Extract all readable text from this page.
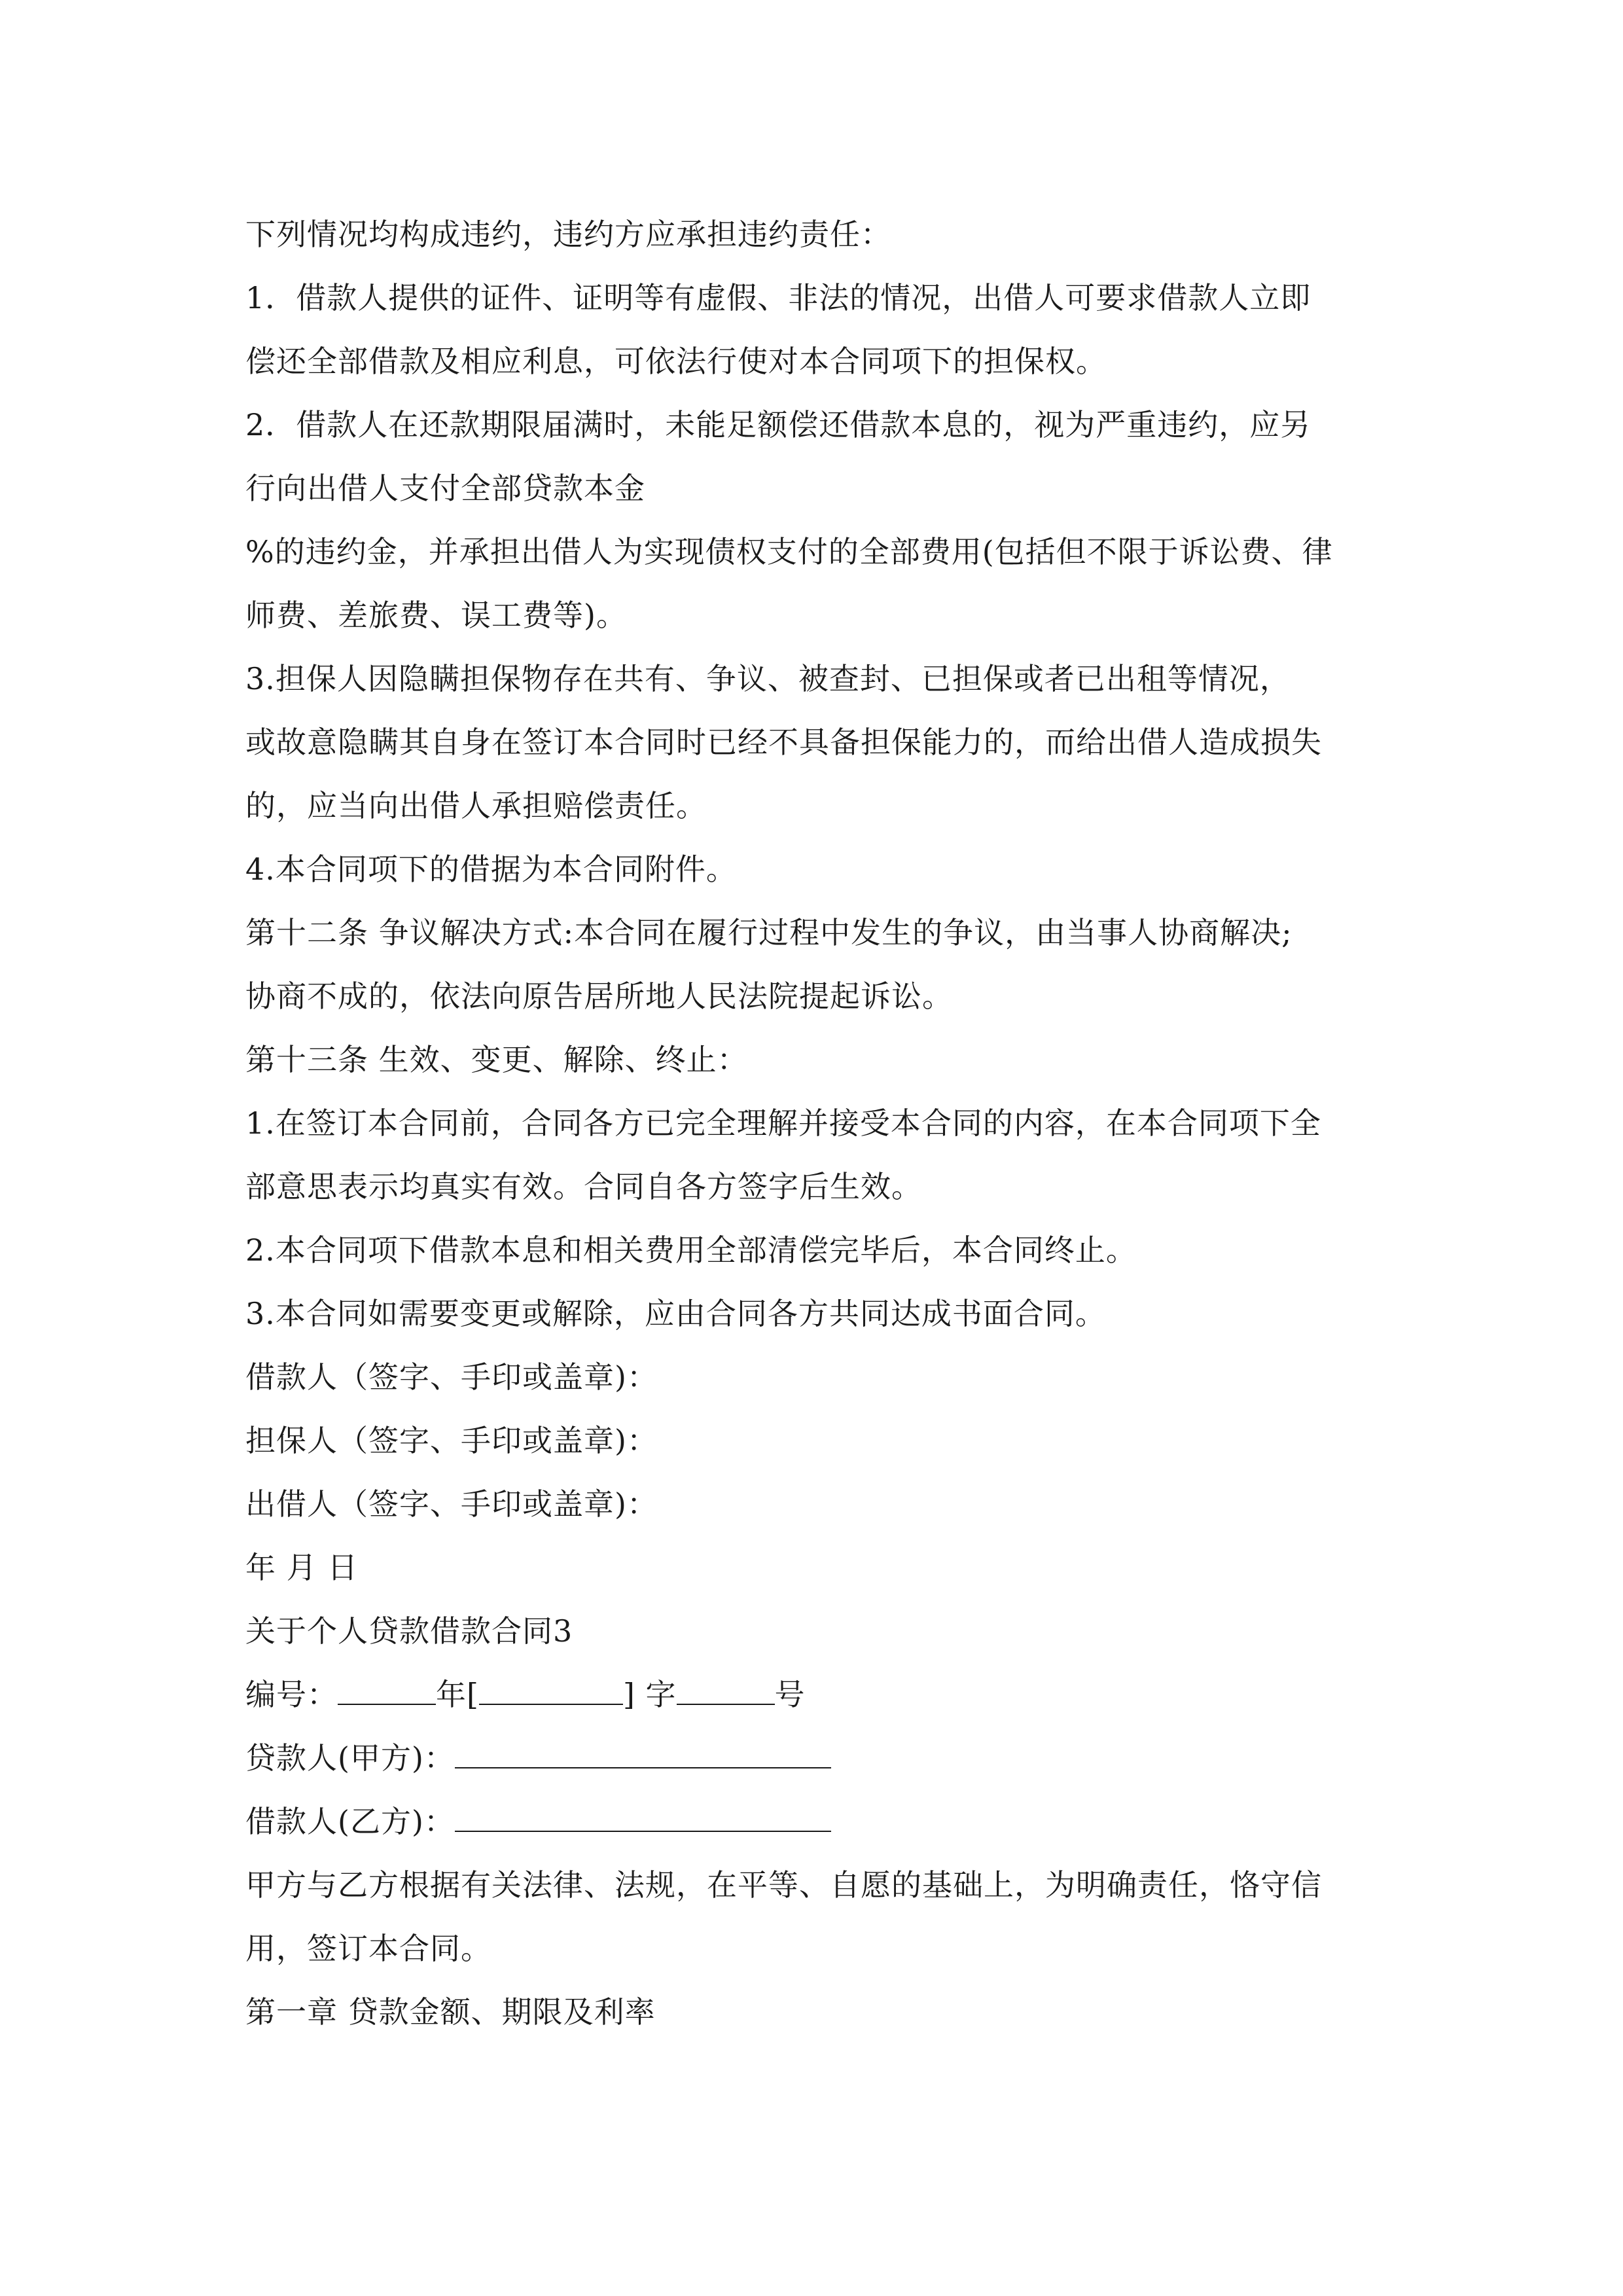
下列情况均构成违约，违约方应承担违约责任：
1．借款人提供的证件、证明等有虚假、非法的情况，出借人可要求借款人立即
偿还全部借款及相应利息，可依法行使对本合同项下的担保权。
2．借款人在还款期限届满时，未能足额偿还借款本息的，视为严重违约，应另
行向出借人支付全部贷款本金
%的违约金，并承担出借人为实现债权支付的全部费用(包括但不限于诉讼费、律
师费、差旅费、误工费等)。
3.担保人因隐瞒担保物存在共有、争议、被查封、已担保或者已出租等情况，
或故意隐瞒其自身在签订本合同时已经不具备担保能力的，而给出借人造成损失
的，应当向出借人承担赔偿责任。
4.本合同项下的借据为本合同附件。
第十二条 争议解决方式:本合同在履行过程中发生的争议，由当事人协商解决;
协商不成的，依法向原告居所地人民法院提起诉讼。
第十三条 生效、变更、解除、终止：
1.在签订本合同前，合同各方已完全理解并接受本合同的内容，在本合同项下全
部意思表示均真实有效。合同自各方签字后生效。
2.本合同项下借款本息和相关费用全部清偿完毕后，本合同终止。
3.本合同如需要变更或解除，应由合同各方共同达成书面合同。
借款人（签字、手印或盖章)：
担保人（签字、手印或盖章)：
出借人（签字、手印或盖章)：
年 月 日
关于个人贷款借款合同3
编号：	年[	] 字	号
贷款人(甲方)：
借款人(乙方)：
甲方与乙方根据有关法律、法规，在平等、自愿的基础上，为明确责任，恪守信
用，签订本合同。
第一章 贷款金额、期限及利率
